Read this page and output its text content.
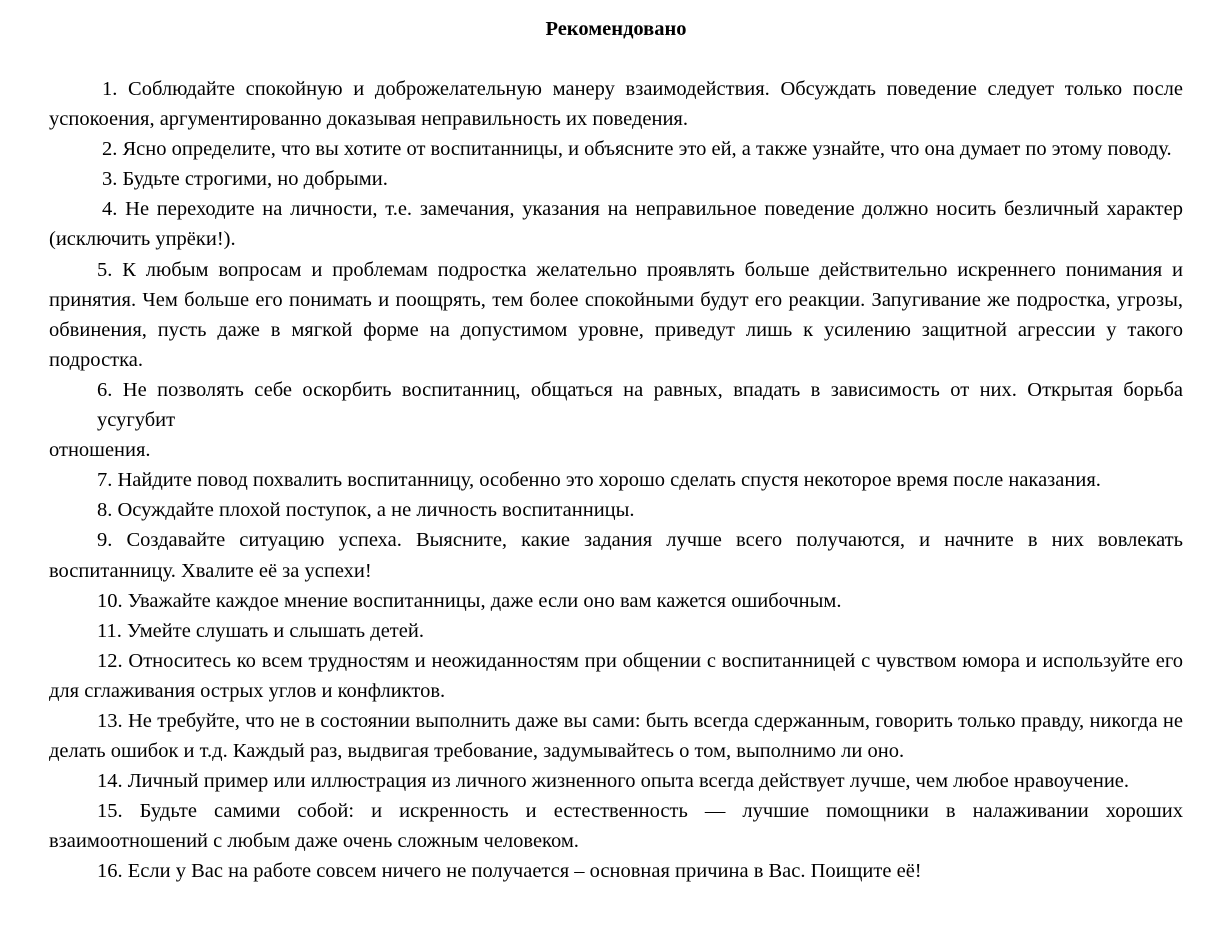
Рекомендовано

1. Соблюдайте спокойную и доброжелательную манеру взаимодействия. Обсуждать поведение следует только после успокоения, аргументированно доказывая неправильность их поведения.

2. Ясно определите, что вы хотите от воспитанницы, и объясните это ей, а также узнайте, что она думает по этому поводу.

3. Будьте строгими, но добрыми.

4. Не переходите на личности, т.е. замечания, указания на неправильное поведение должно носить безличный характер (исключить упрёки!).

5. К любым вопросам и проблемам подростка желательно проявлять больше действительно искреннего понимания и принятия. Чем больше его понимать и поощрять, тем более спокойными будут его реакции. Запугивание же подростка, угрозы, обвинения, пусть даже в мягкой форме на допустимом уровне, приведут лишь к усилению защитной агрессии у такого подростка.

6. Не позволять себе оскорбить воспитанниц, общаться на равных, впадать в зависимость от них. Открытая борьба усугубит

отношения.

7. Найдите повод похвалить воспитанницу, особенно это хорошо сделать спустя некоторое время после наказания.

8. Осуждайте плохой поступок, а не личность воспитанницы.

9. Создавайте ситуацию успеха. Выясните, какие задания лучше всего получаются, и начните в них вовлекать воспитанницу. Хвалите её за успехи!

10. Уважайте каждое мнение воспитанницы, даже если оно вам кажется ошибочным.

11. Умейте слушать и слышать детей.

12. Относитесь ко всем трудностям и неожиданностям при общении с воспитанницей с чувством юмора и используйте его для сглаживания острых углов и конфликтов.

13. Не требуйте, что не в состоянии выполнить даже вы сами: быть всегда сдержанным, говорить только правду, никогда не делать ошибок и т.д. Каждый раз, выдвигая требование, задумывайтесь о том, выполнимо ли оно.

14. Личный пример или иллюстрация из личного жизненного опыта всегда действует лучше, чем любое нравоучение.

15. Будьте самими собой: и искренность и естественность — лучшие помощники в налаживании хороших взаимоотношений с любым даже очень сложным человеком.

16. Если у Вас на работе совсем ничего не получается – основная причина в Вас. Поищите её!
